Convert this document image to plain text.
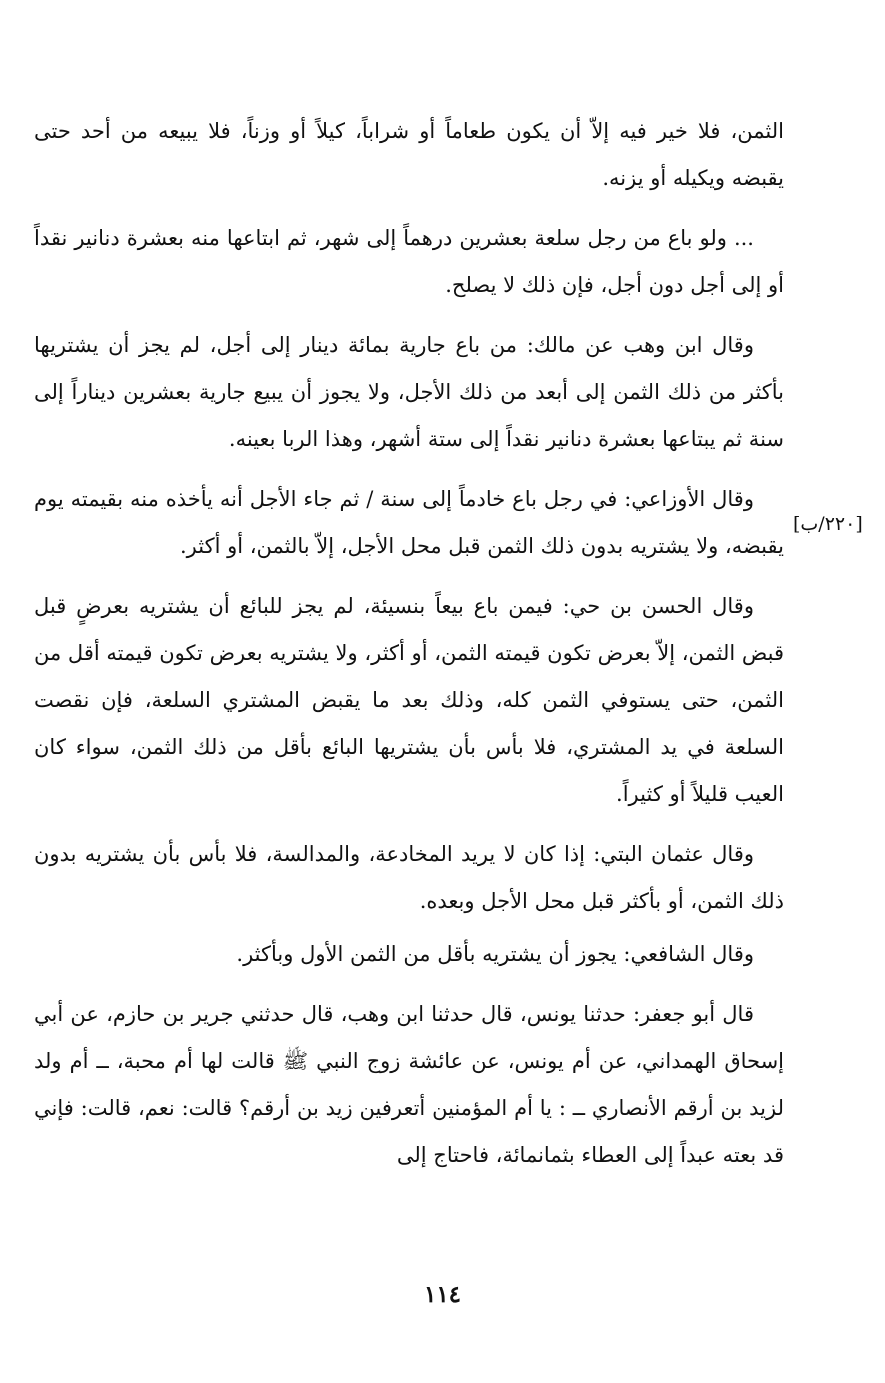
الثمن، فلا خير فيه إلاّ أن يكون طعاماً أو شراباً، كيلاً أو وزناً، فلا يبيعه من أحد حتى يقبضه ويكيله أو يزنه.

... ولو باع من رجل سلعة بعشرين درهماً إلى شهر، ثم ابتاعها منه بعشرة دنانير نقداً أو إلى أجل دون أجل، فإن ذلك لا يصلح.

وقال ابن وهب عن مالك: من باع جارية بمائة دينار إلى أجل، لم يجز أن يشتريها بأكثر من ذلك الثمن إلى أبعد من ذلك الأجل، ولا يجوز أن يبيع جارية بعشرين ديناراً إلى سنة ثم يبتاعها بعشرة دنانير نقداً إلى ستة أشهر، وهذا الربا بعينه.

وقال الأوزاعي: في رجل باع خادماً إلى سنة / ثم جاء الأجل أنه يأخذه منه بقيمته يوم يقبضه، ولا يشتريه بدون ذلك الثمن قبل محل الأجل، إلاّ بالثمن، أو أكثر.

وقال الحسن بن حي: فيمن باع بيعاً بنسيئة، لم يجز للبائع أن يشتريه بعرضٍ قبل قبض الثمن، إلاّ بعرض تكون قيمته الثمن، أو أكثر، ولا يشتريه بعرض تكون قيمته أقل من الثمن، حتى يستوفي الثمن كله، وذلك بعد ما يقبض المشتري السلعة، فإن نقصت السلعة في يد المشتري، فلا بأس بأن يشتريها البائع بأقل من ذلك الثمن، سواء كان العيب قليلاً أو كثيراً.

وقال عثمان البتي: إذا كان لا يريد المخادعة، والمدالسة، فلا بأس بأن يشتريه بدون ذلك الثمن، أو بأكثر قبل محل الأجل وبعده.

وقال الشافعي: يجوز أن يشتريه بأقل من الثمن الأول وبأكثر.

قال أبو جعفر: حدثنا يونس، قال حدثنا ابن وهب، قال حدثني جرير بن حازم، عن أبي إسحاق الهمداني، عن أم يونس، عن عائشة زوج النبي ﷺ قالت لها أم محبة، ــ أم ولد لزيد بن أرقم الأنصاري ــ : يا أم المؤمنين أتعرفين زيد بن أرقم؟ قالت: نعم، قالت: فإني قد بعته عبداً إلى العطاء بثمانمائة، فاحتاج إلى

[٢٢٠/ب]
١١٤
